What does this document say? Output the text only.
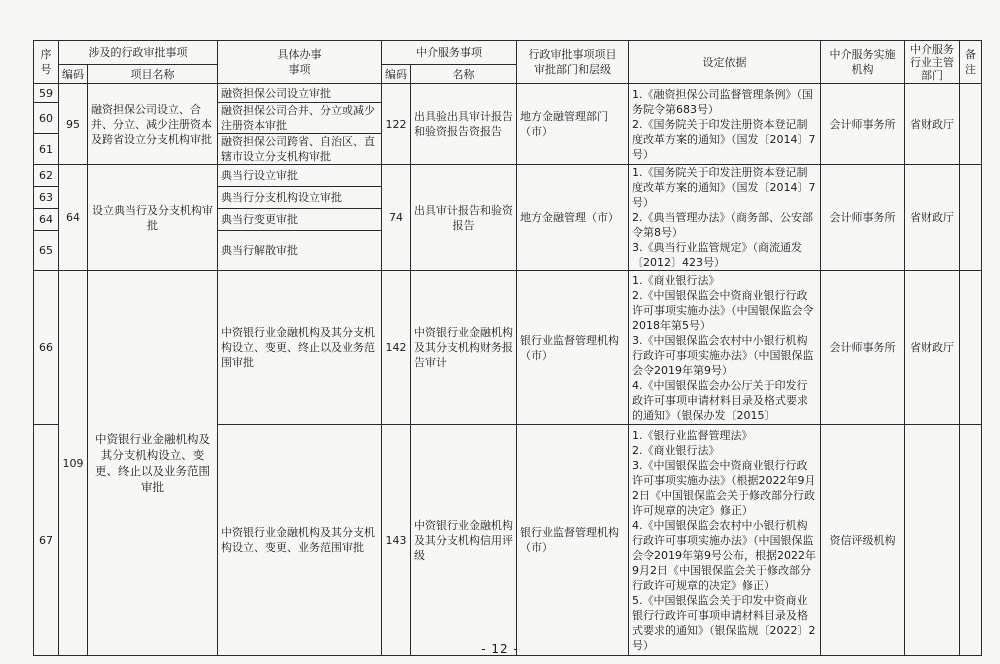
序号	涉及的行政审批事项		具体办事
事项	中介服务事项		行政审批事项项目
审批部门和层级	设定依据	中介服务实施
机构	中介服务
行业主管
部门	备
注
	编码	项目名称		编码	名称					
59	95	融资担保公司设立、合并、分立、减少注册资本及跨省设立分支机构审批	融资担保公司设立审批	122	出具验出具审计报告和验资报告资报告	地方金融管理部门（市）	1.《融资担保公司监督管理条例》（国务院令第683号）
2.《国务院关于印发注册资本登记制度改革方案的通知》（国发〔2014〕7号）	会计师事务所	省财政厅	
60			融资担保公司合并、分立或减少注册资本审批							
61			融资担保公司跨省、自治区、直辖市设立分支机构审批							
62	64	设立典当行及分支机构审批	典当行设立审批	74	出具审计报告和验资报告	地方金融管理（市）	1.《国务院关于印发注册资本登记制度改革方案的通知》（国发〔2014〕7号）
2.《典当管理办法》（商务部、公安部令第8号）
3.《典当行业监管规定》（商流通发〔2012〕423号）	会计师事务所	省财政厅	
63			典当行分支机构设立审批							
64			典当行变更审批							
65			典当行解散审批							
66	109	中资银行业金融机构及其分支机构设立、变更、终止以及业务范围审批	中资银行业金融机构及其分支机构设立、变更、终止以及业务范围审批	142	中资银行业金融机构及其分支机构财务报告审计	银行业监督管理机构（市）	1.《商业银行法》
2.《中国银保监会中资商业银行行政许可事项实施办法》（中国银保监会令2018年第5号）
3.《中国银保监会农村中小银行机构行政许可事项实施办法》（中国银保监会令2019年第9号）
4.《中国银保监会办公厅关于印发行政许可事项申请材料目录及格式要求的通知》（银保办发〔2015〕	会计师事务所	省财政厅	
67			中资银行业金融机构及其分支机构设立、变更、业务范围审批	143	中资银行业金融机构及其分支机构信用评级	银行业监督管理机构（市）	1.《银行业监督管理法》
2.《商业银行法》
3.《中国银保监会中资商业银行行政许可事项实施办法》（根据2022年9月2日《中国银保监会关于修改部分行政许可规章的决定》修正）
4.《中国银保监会农村中小银行机构行政许可事项实施办法》（中国银保监会令2019年第9号公布，根据2022年9月2日《中国银保监会关于修改部分行政许可规章的决定》修正）
5.《中国银保监会关于印发中资商业银行行政许可事项申请材料目录及格式要求的通知》（银保监规〔2022〕2号）	资信评级机构		
- 12 -
